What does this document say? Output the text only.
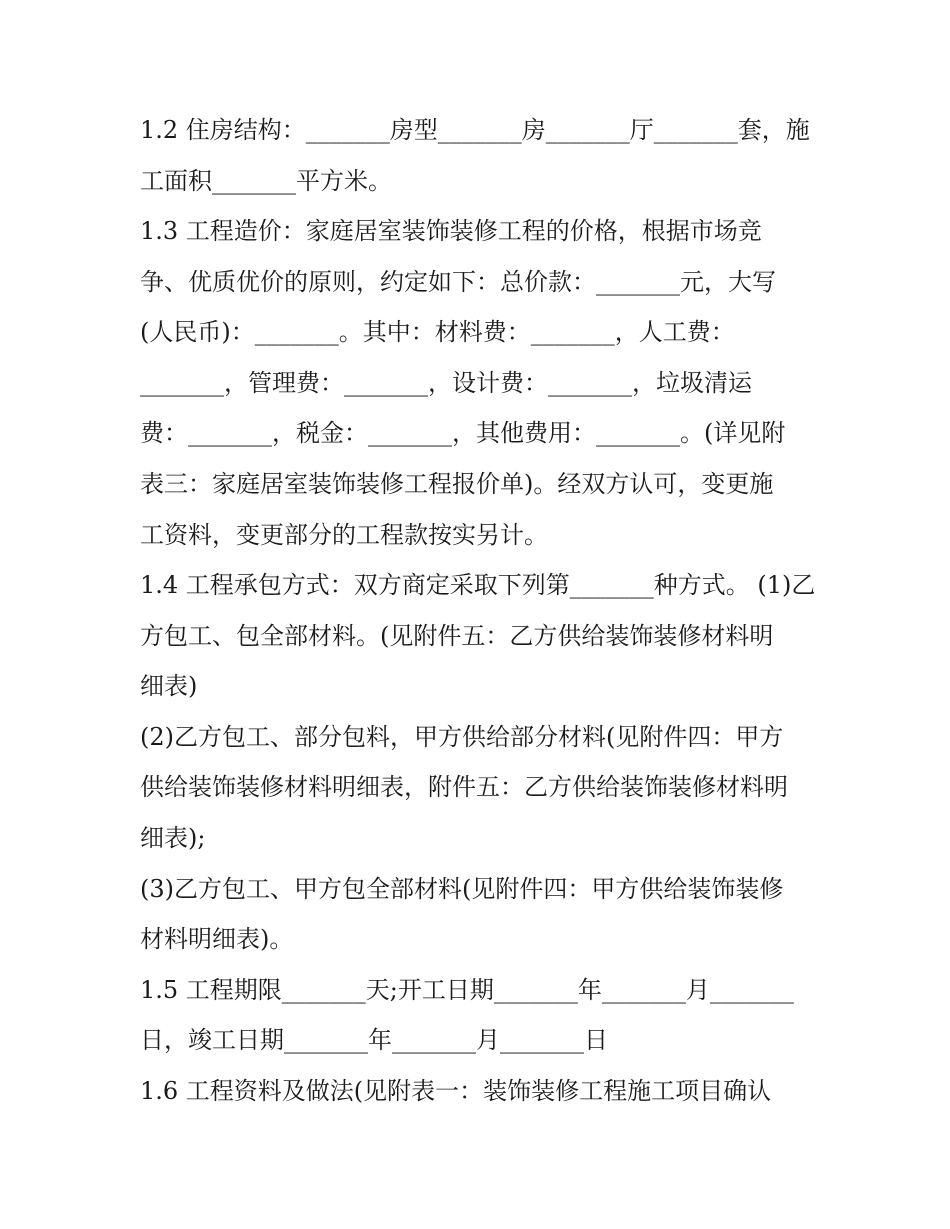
1.2 住房结构：_______房型_______房_______厅_______套，施
工面积_______平方米。
1.3 工程造价：家庭居室装饰装修工程的价格，根据市场竞
争、优质优价的原则，约定如下：总价款：_______元，大写
(人民币)：_______。其中：材料费：_______，人工费：
_______，管理费：_______，设计费：_______，垃圾清运
费：_______，税金：_______，其他费用：_______。(详见附
表三：家庭居室装饰装修工程报价单)。经双方认可，变更施
工资料，变更部分的工程款按实另计。
1.4 工程承包方式：双方商定采取下列第_______种方式。 (1)乙
方包工、包全部材料。(见附件五：乙方供给装饰装修材料明
细表)
(2)乙方包工、部分包料，甲方供给部分材料(见附件四：甲方
供给装饰装修材料明细表，附件五：乙方供给装饰装修材料明
细表);
(3)乙方包工、甲方包全部材料(见附件四：甲方供给装饰装修
材料明细表)。
1.5 工程期限_______天;开工日期_______年_______月_______
日，竣工日期_______年_______月_______日
1.6 工程资料及做法(见附表一：装饰装修工程施工项目确认
